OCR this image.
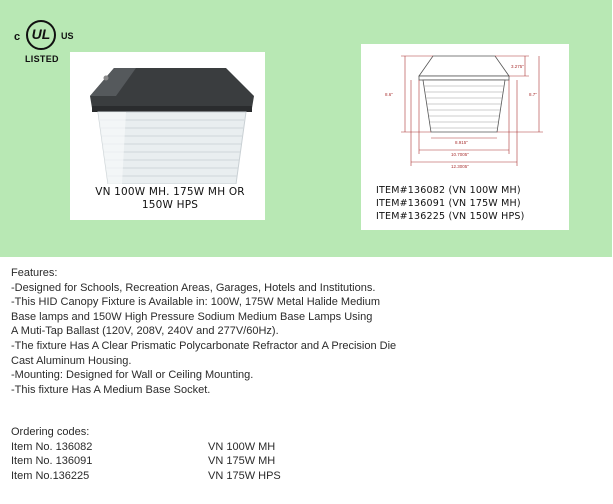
c UL	US
LISTED
VN 100W MH. 175W MH OR
150W HPS
8.6"
3.275"
8.7"
8.915"
10.7005"
12.3005"
ITEM#136082 (VN 100W MH)
ITEM#136091 (VN 175W MH)
ITEM#136225 (VN 150W HPS)
Features:
-Designed for Schools, Recreation Areas, Garages, Hotels and Institutions.
-This HID Canopy Fixture is Available in: 100W, 175W Metal Halide Medium
Base lamps and 150W High Pressure Sodium Medium Base Lamps Using
A Muti-Tap Ballast (120V, 208V, 240V and 277V/60Hz).
-The fixture Has A Clear Prismatic Polycarbonate Refractor and A Precision Die
Cast Aluminum Housing.
-Mounting: Designed for Wall or Ceiling Mounting.
-This fixture Has A Medium Base Socket.
Ordering codes:
Item No. 136082	VN 100W MH
Item No. 136091	VN 175W MH
Item No.136225	VN 175W HPS
